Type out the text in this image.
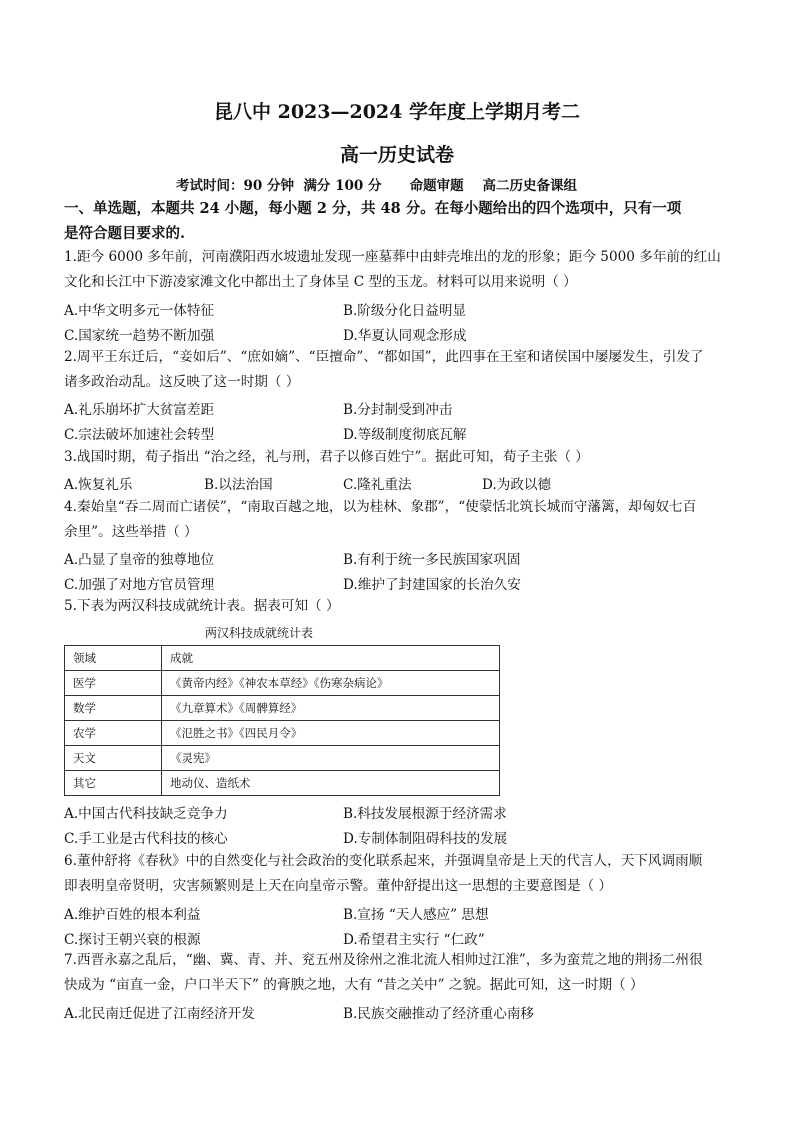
昆八中 2023—2024 学年度上学期月考二
高一历史试卷
考试时间：90 分钟  满分 100 分      命题审题    高二历史备课组
一、单选题，本题共 24 小题，每小题 2 分，共 48 分。在每小题给出的四个选项中，只有一项
是符合题目要求的.
1.距今 6000 多年前，河南濮阳西水坡遗址发现一座墓葬中由蚌壳堆出的龙的形象；距今 5000 多年前的红山
文化和长江中下游凌家滩文化中都出土了身体呈 C 型的玉龙。材料可以用来说明（ ）
A.中华文明多元一体特征	B.阶级分化日益明显
C.国家统一趋势不断加强	D.华夏认同观念形成
2.周平王东迁后，“妾如后”、“庶如嫡”、“臣擅命”、“都如国”，此四事在王室和诸侯国中屡屡发生，引发了
诸多政治动乱。这反映了这一时期（ ）
A.礼乐崩坏扩大贫富差距	B.分封制受到冲击
C.宗法破坏加速社会转型	D.等级制度彻底瓦解
3.战国时期，荀子指出 “治之经，礼与刑，君子以修百姓宁”。据此可知，荀子主张（ ）
A.恢复礼乐	B.以法治国	C.隆礼重法	D.为政以德
4.秦始皇“吞二周而亡诸侯”，“南取百越之地，以为桂林、象郡”，“使蒙恬北筑长城而守藩篱，却匈奴七百
余里”。这些举措（ ）
A.凸显了皇帝的独尊地位	B.有利于统一多民族国家巩固
C.加强了对地方官员管理	D.维护了封建国家的长治久安
5.下表为两汉科技成就统计表。据表可知（ ）
两汉科技成就统计表
领域	成就
医学	《黄帝内经》《神农本草经》《伤寒杂病论》
数学	《九章算术》《周髀算经》
农学	《氾胜之书》《四民月令》
天文	《灵宪》
其它	地动仪、造纸术
A.中国古代科技缺乏竞争力	B.科技发展根源于经济需求
C.手工业是古代科技的核心	D.专制体制阻碍科技的发展
6.董仲舒将《春秋》中的自然变化与社会政治的变化联系起来，并强调皇帝是上天的代言人，天下风调雨顺
即表明皇帝贤明，灾害频繁则是上天在向皇帝示警。董仲舒提出这一思想的主要意图是（ ）
A.维护百姓的根本利益	B.宣扬 “天人感应” 思想
C.探讨王朝兴衰的根源	D.希望君主实行 “仁政”
7.西晋永嘉之乱后，“幽、冀、青、并、兖五州及徐州之淮北流人相帅过江淮”，多为蛮荒之地的荆扬二州很
快成为 “亩直一金，户口半天下” 的膏腴之地，大有 “昔之关中” 之貌。据此可知，这一时期（ ）
A.北民南迁促进了江南经济开发	B.民族交融推动了经济重心南移
